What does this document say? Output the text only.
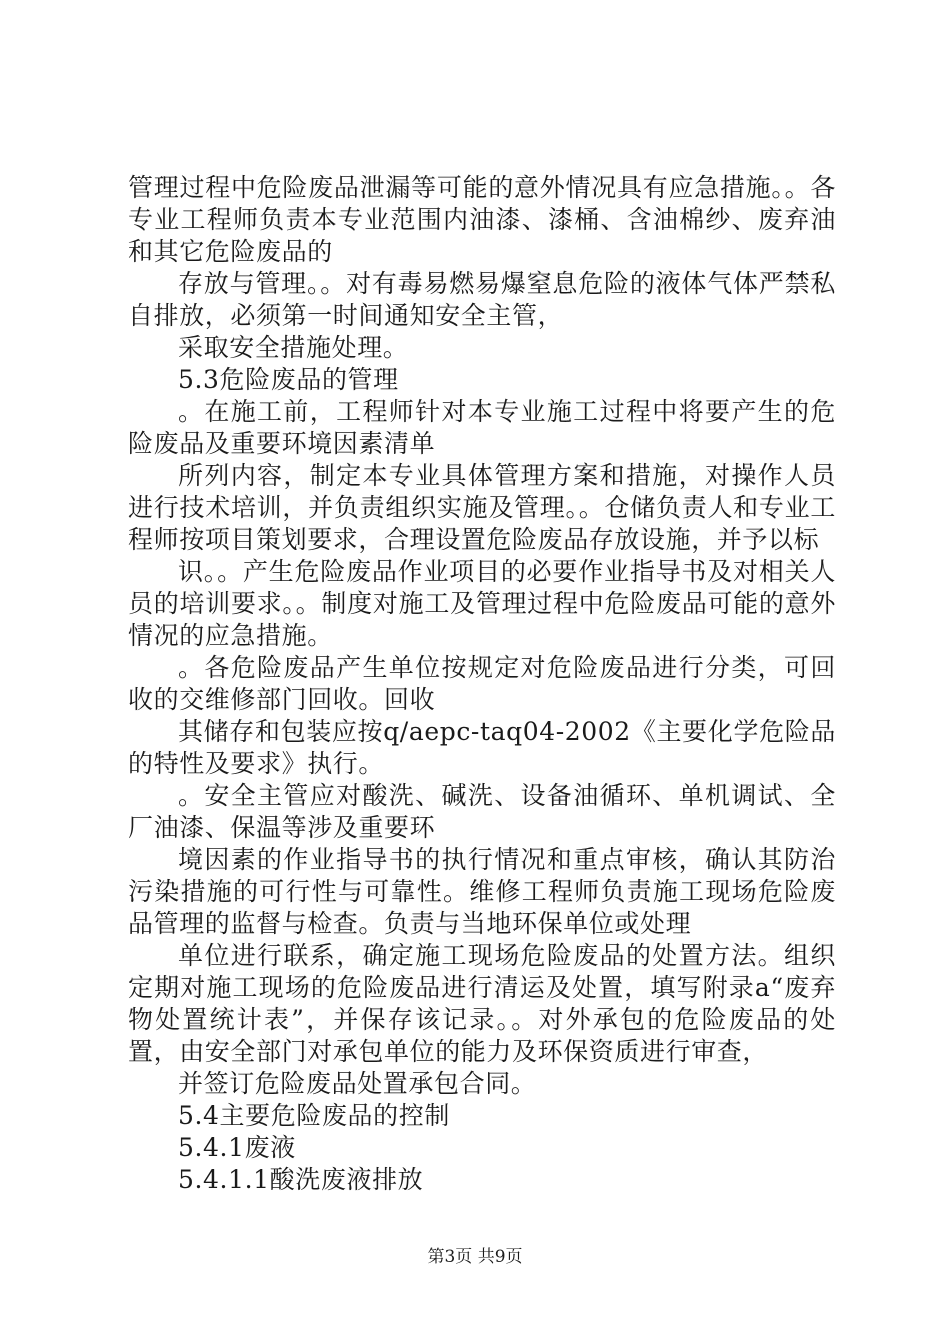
管理过程中危险废品泄漏等可能的意外情况具有应急措施。。各专业工程师负责本专业范围内油漆、漆桶、含油棉纱、废弃油和其它危险废品的

存放与管理。。对有毒易燃易爆窒息危险的液体气体严禁私自排放，必须第一时间通知安全主管，

采取安全措施处理。

5.3危险废品的管理

。在施工前，工程师针对本专业施工过程中将要产生的危险废品及重要环境因素清单

所列内容，制定本专业具体管理方案和措施，对操作人员进行技术培训，并负责组织实施及管理。。仓储负责人和专业工程师按项目策划要求，合理设置危险废品存放设施，并予以标

识。。产生危险废品作业项目的必要作业指导书及对相关人员的培训要求。。制度对施工及管理过程中危险废品可能的意外情况的应急措施。

。各危险废品产生单位按规定对危险废品进行分类，可回收的交维修部门回收。回收

其储存和包装应按q/aepc-taq04-2002《主要化学危险品的特性及要求》执行。

。安全主管应对酸洗、碱洗、设备油循环、单机调试、全厂油漆、保温等涉及重要环

境因素的作业指导书的执行情况和重点审核，确认其防治污染措施的可行性与可靠性。维修工程师负责施工现场危险废品管理的监督与检查。负责与当地环保单位或处理

单位进行联系，确定施工现场危险废品的处置方法。组织定期对施工现场的危险废品进行清运及处置，填写附录a“废弃物处置统计表”，并保存该记录。。对外承包的危险废品的处置，由安全部门对承包单位的能力及环保资质进行审查，

并签订危险废品处置承包合同。

5.4主要危险废品的控制

5.4.1废液

5.4.1.1酸洗废液排放

第3页 共9页
